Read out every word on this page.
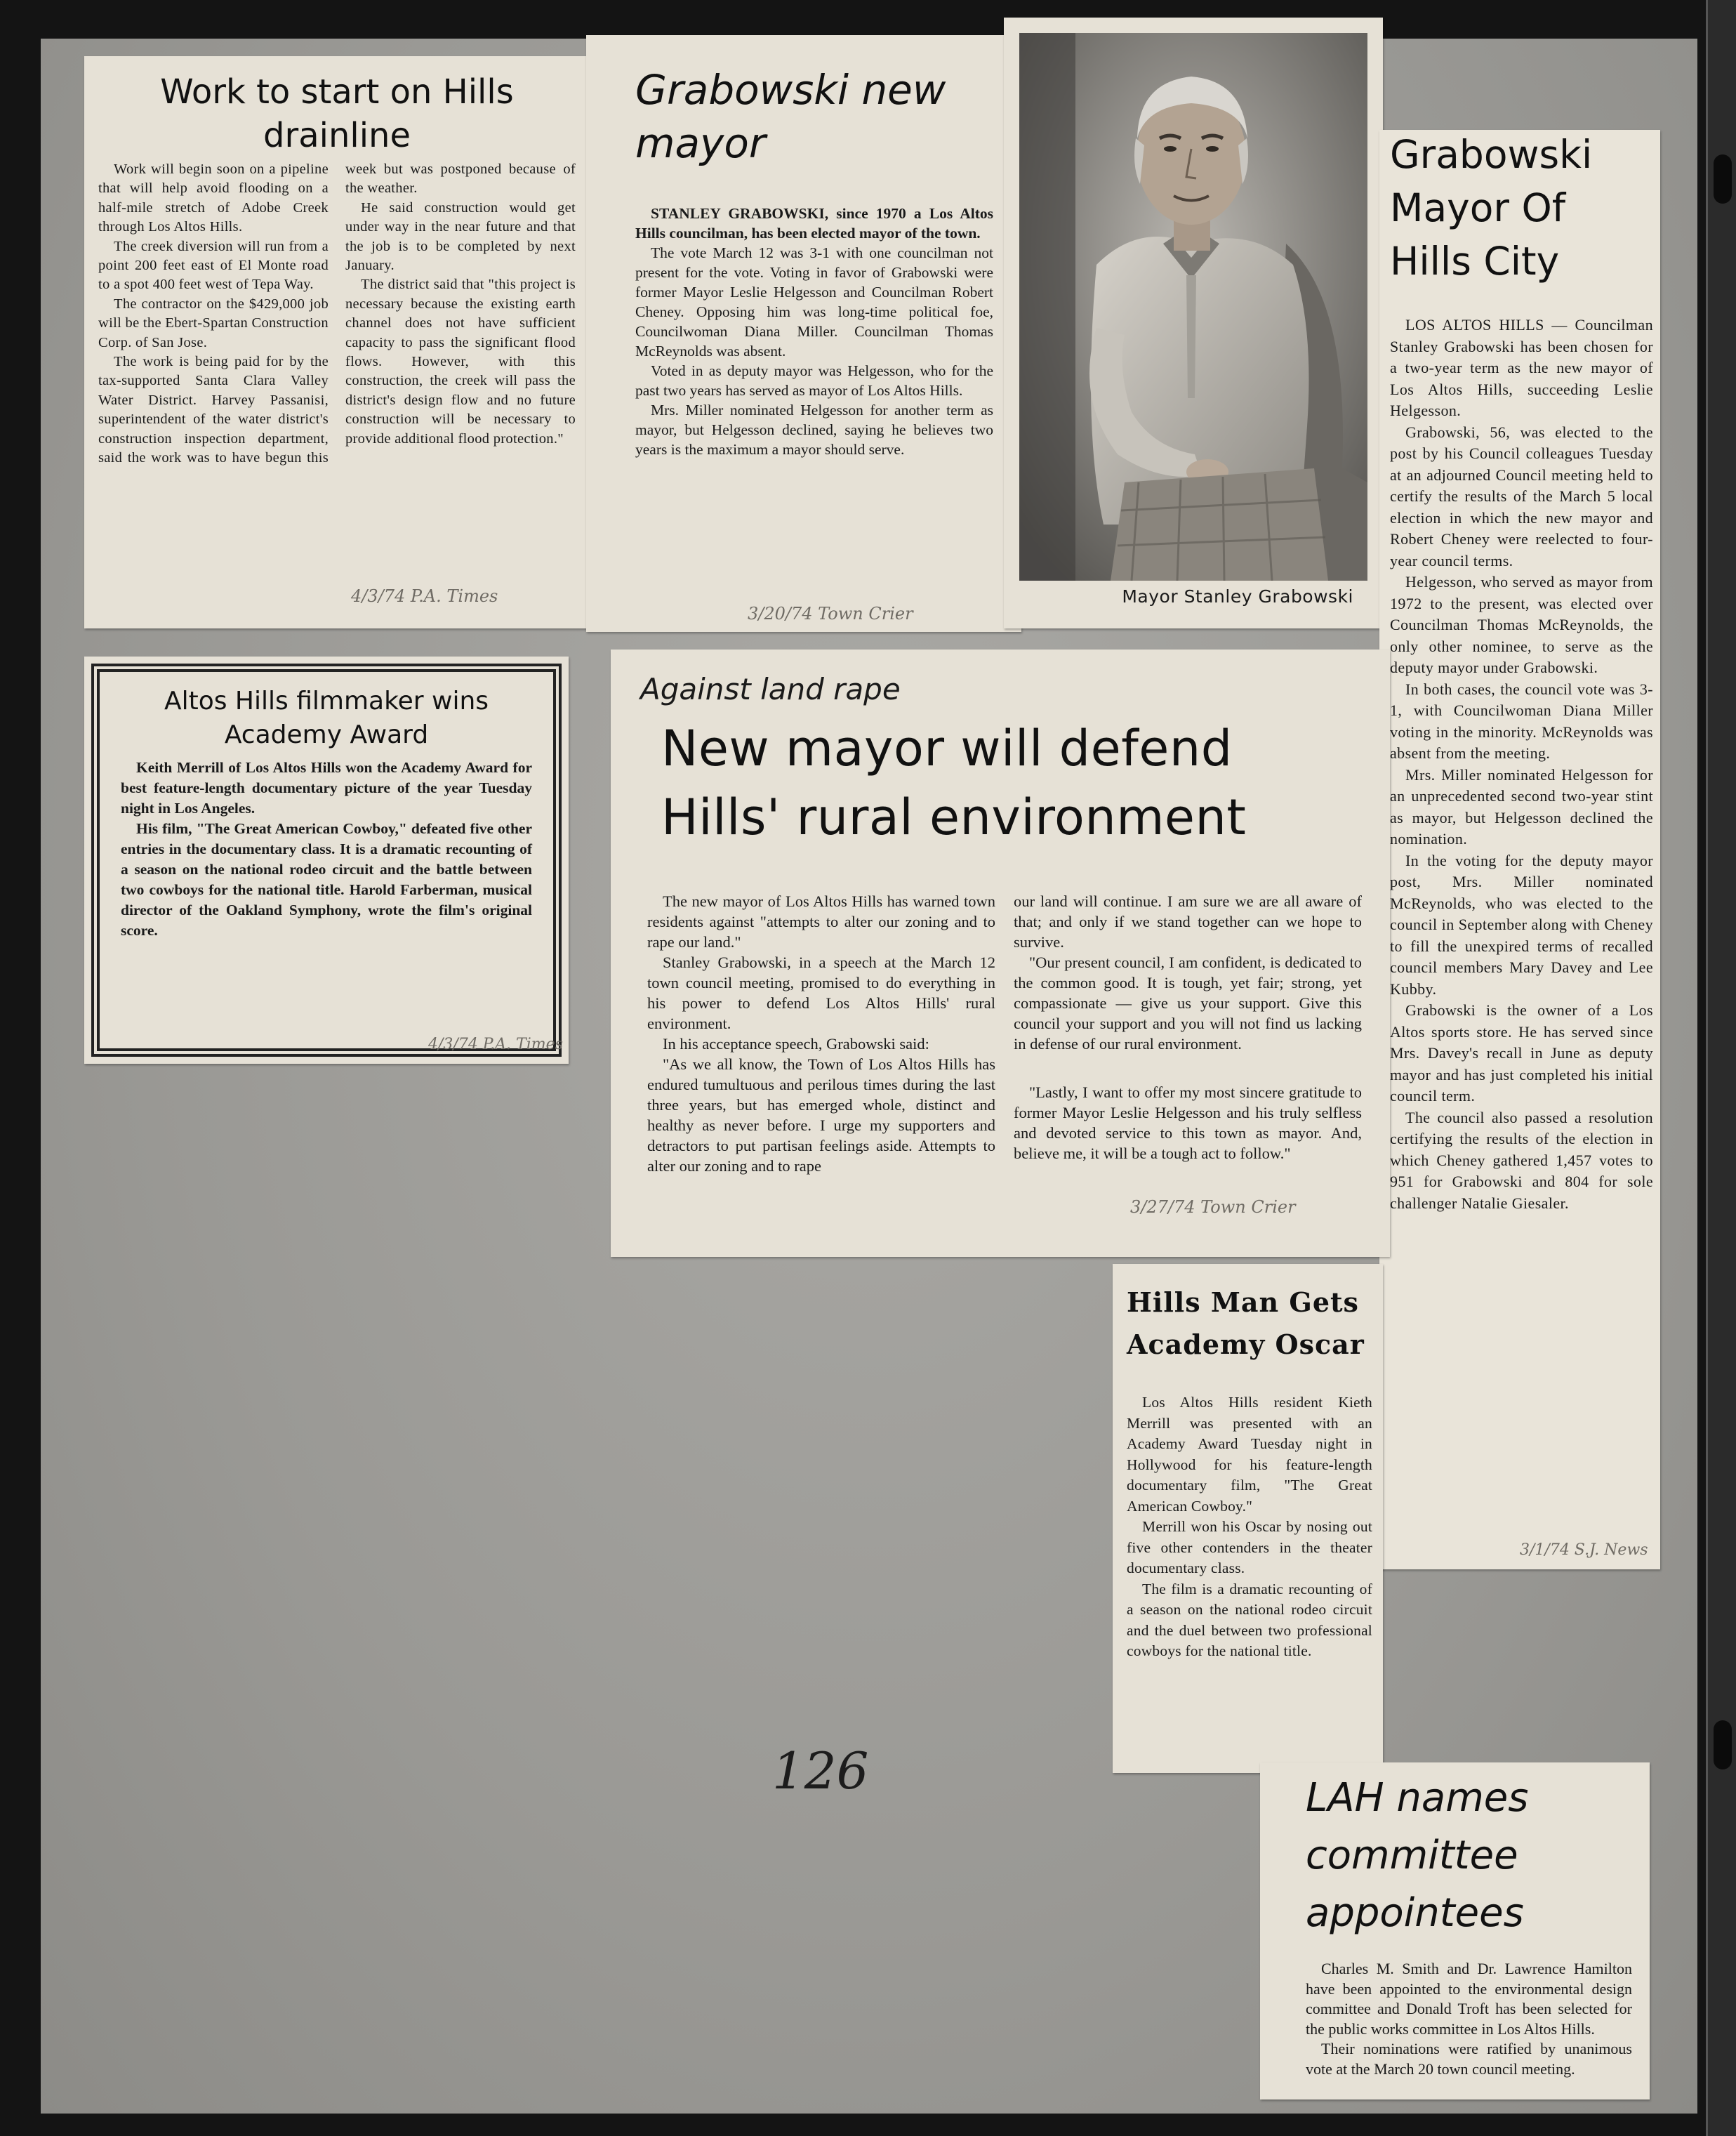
Work to start on Hills drainline

Work will begin soon on a pipeline that will help avoid flooding on a half-mile stretch of Adobe Creek through Los Altos Hills.

The creek diversion will run from a point 200 feet east of El Monte road to a spot 400 feet west of Tepa Way.

The contractor on the $429,000 job will be the Ebert-Spartan Construction Corp. of San Jose.

The work is being paid for by the tax-supported Santa Clara Valley Water District. Harvey Passanisi, superintendent of the water district's construction inspection department, said the work was to have begun this week but was postponed because of the weather.

He said construction would get under way in the near future and that the job is to be completed by next January.

The district said that "this project is necessary because the existing earth channel does not have sufficient capacity to pass the significant flood flows. However, with this construction, the creek will pass the district's design flow and no future construction will be necessary to provide additional flood protection."

4/3/74 P.A. Times
Grabowski new mayor

STANLEY GRABOWSKI, since 1970 a Los Altos Hills councilman, has been elected mayor of the town.

The vote March 12 was 3-1 with one councilman not present for the vote. Voting in favor of Grabowski were former Mayor Leslie Helgesson and Councilman Robert Cheney. Opposing him was long-time political foe, Councilwoman Diana Miller. Councilman Thomas McReynolds was absent.

Voted in as deputy mayor was Helgesson, who for the past two years has served as mayor of Los Altos Hills.

Mrs. Miller nominated Helgesson for another term as mayor, but Helgesson declined, saying he believes two years is the maximum a mayor should serve.

3/20/74 Town Crier
Mayor Stanley Grabowski
Grabowski Mayor Of Hills City

LOS ALTOS HILLS — Councilman Stanley Grabowski has been chosen for a two-year term as the new mayor of Los Altos Hills, succeeding Leslie Helgesson.

Grabowski, 56, was elected to the post by his Council colleagues Tuesday at an adjourned Council meeting held to certify the results of the March 5 local election in which the new mayor and Robert Cheney were reelected to four-year council terms.

Helgesson, who served as mayor from 1972 to the present, was elected over Councilman Thomas McReynolds, the only other nominee, to serve as the deputy mayor under Grabowski.

In both cases, the council vote was 3-1, with Councilwoman Diana Miller voting in the minority. McReynolds was absent from the meeting.

Mrs. Miller nominated Helgesson for an unprecedented second two-year stint as mayor, but Helgesson declined the nomination.

In the voting for the deputy mayor post, Mrs. Miller nominated McReynolds, who was elected to the council in September along with Cheney to fill the unexpired terms of recalled council members Mary Davey and Lee Kubby.

Grabowski is the owner of a Los Altos sports store. He has served since Mrs. Davey's recall in June as deputy mayor and has just completed his initial council term.

The council also passed a resolution certifying the results of the election in which Cheney gathered 1,457 votes to 951 for Grabowski and 804 for sole challenger Natalie Giesaler.

3/1/74 S.J. News
Altos Hills filmmaker wins Academy Award

Keith Merrill of Los Altos Hills won the Academy Award for best feature-length documentary picture of the year Tuesday night in Los Angeles.

His film, "The Great American Cowboy," defeated five other entries in the documentary class. It is a dramatic recounting of a season on the national rodeo circuit and the battle between two cowboys for the national title. Harold Farberman, musical director of the Oakland Symphony, wrote the film's original score.

4/3/74 P.A. Times
Against land rape
New mayor will defend Hills' rural environment

The new mayor of Los Altos Hills has warned town residents against "attempts to alter our zoning and to rape our land."

Stanley Grabowski, in a speech at the March 12 town council meeting, promised to do everything in his power to defend Los Altos Hills' rural environment.

In his acceptance speech, Grabowski said:

"As we all know, the Town of Los Altos Hills has endured tumultuous and perilous times during the last three years, but has emerged whole, distinct and healthy as never before. I urge my supporters and detractors to put partisan feelings aside. Attempts to alter our zoning and to rape

our land will continue. I am sure we are all aware of that; and only if we stand together can we hope to survive.

"Our present council, I am confident, is dedicated to the common good. It is tough, yet fair; strong, yet compassionate — give us your support. Give this council your support and you will not find us lacking in defense of our rural environment.

"Lastly, I want to offer my most sincere gratitude to former Mayor Leslie Helgesson and his truly selfless and devoted service to this town as mayor. And, believe me, it will be a tough act to follow."

3/27/74 Town Crier
Hills Man Gets Academy Oscar

Los Altos Hills resident Kieth Merrill was presented with an Academy Award Tuesday night in Hollywood for his feature-length documentary film, "The Great American Cowboy."

Merrill won his Oscar by nosing out five other contenders in the theater documentary class.

The film is a dramatic recounting of a season on the national rodeo circuit and the duel between two professional cowboys for the national title.

LAH names committee appointees

Charles M. Smith and Dr. Lawrence Hamilton have been appointed to the environmental design committee and Donald Troft has been selected for the public works committee in Los Altos Hills.

Their nominations were ratified by unanimous vote at the March 20 town council meeting.

126
